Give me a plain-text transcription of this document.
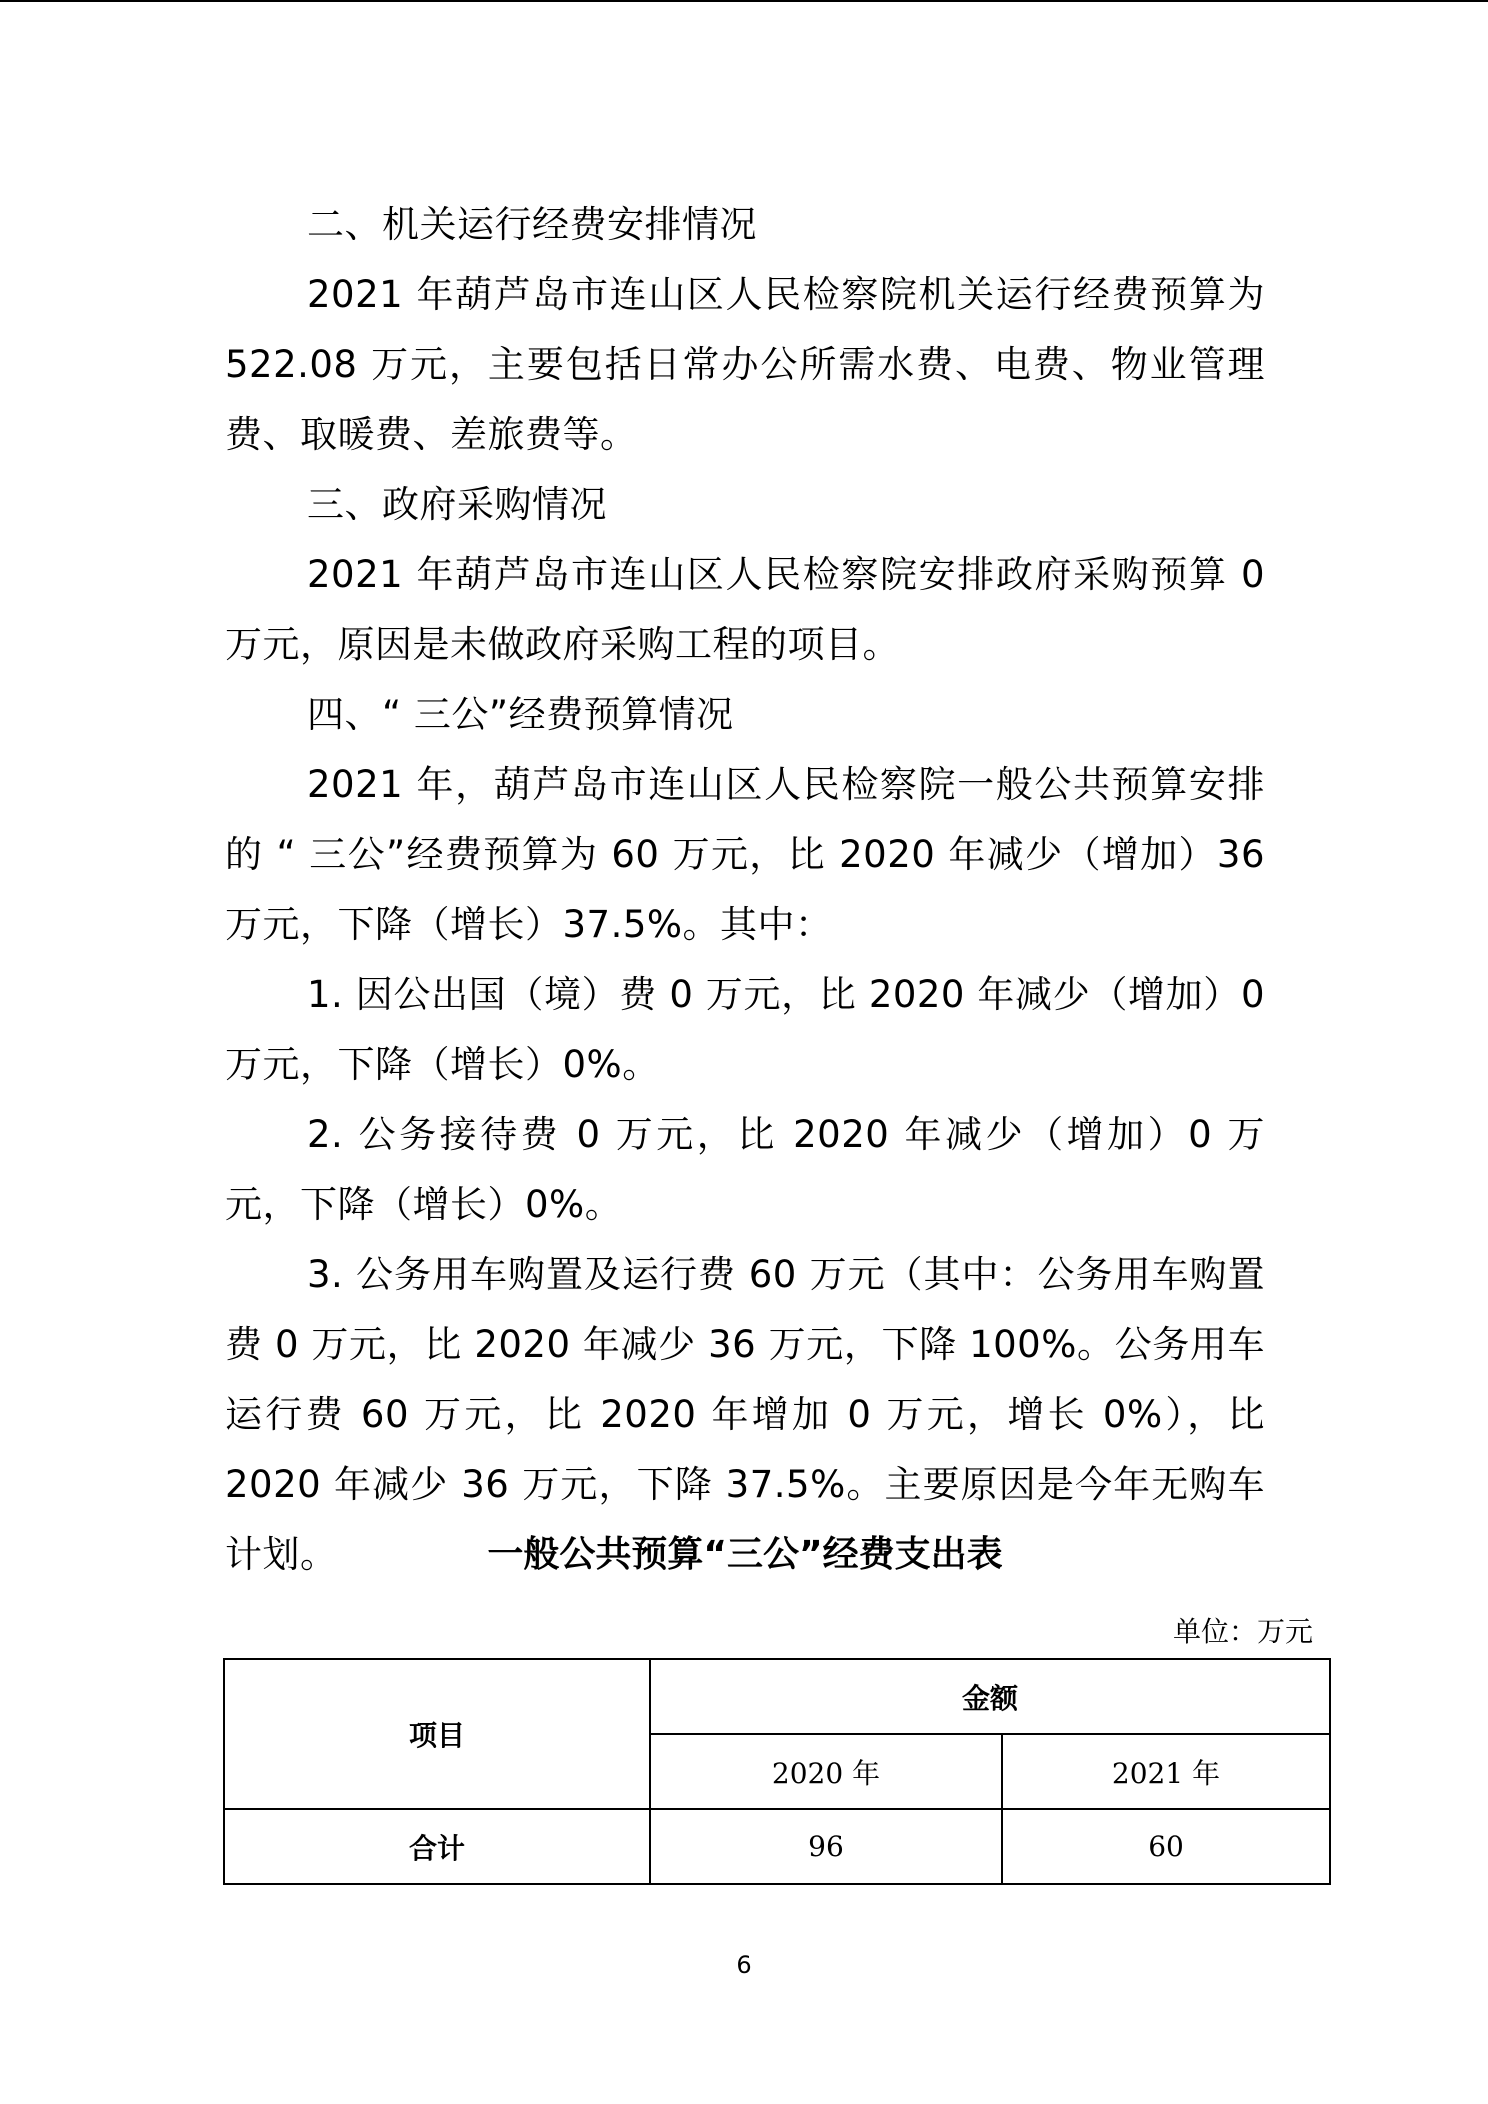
二、机关运行经费安排情况

2021 年葫芦岛市连山区人民检察院机关运行经费预算为 522.08 万元，主要包括日常办公所需水费、电费、物业管理费、取暖费、差旅费等。

三、政府采购情况

2021 年葫芦岛市连山区人民检察院安排政府采购预算 0 万元，原因是未做政府采购工程的项目。

四、“ 三公”经费预算情况

2021 年，葫芦岛市连山区人民检察院一般公共预算安排的 “ 三公”经费预算为 60 万元，比 2020 年减少（增加）36 万元，下降（增长）37.5%。其中：

1. 因公出国（境）费 0 万元，比 2020 年减少（增加）0 万元，下降（增长）0%。

2. 公务接待费 0 万元，比 2020 年减少（增加）0 万元，下降（增长）0%。

3. 公务用车购置及运行费 60 万元（其中：公务用车购置费 0 万元，比 2020 年减少 36 万元，下降 100%。公务用车运行费 60 万元，比 2020 年增加 0 万元，增长 0%），比 2020 年减少 36 万元，下降 37.5%。主要原因是今年无购车计划。	一般公共预算“三公”经费支出表
单位：万元
项目	金额	
	2020 年	2021 年
合计	96	60
6
